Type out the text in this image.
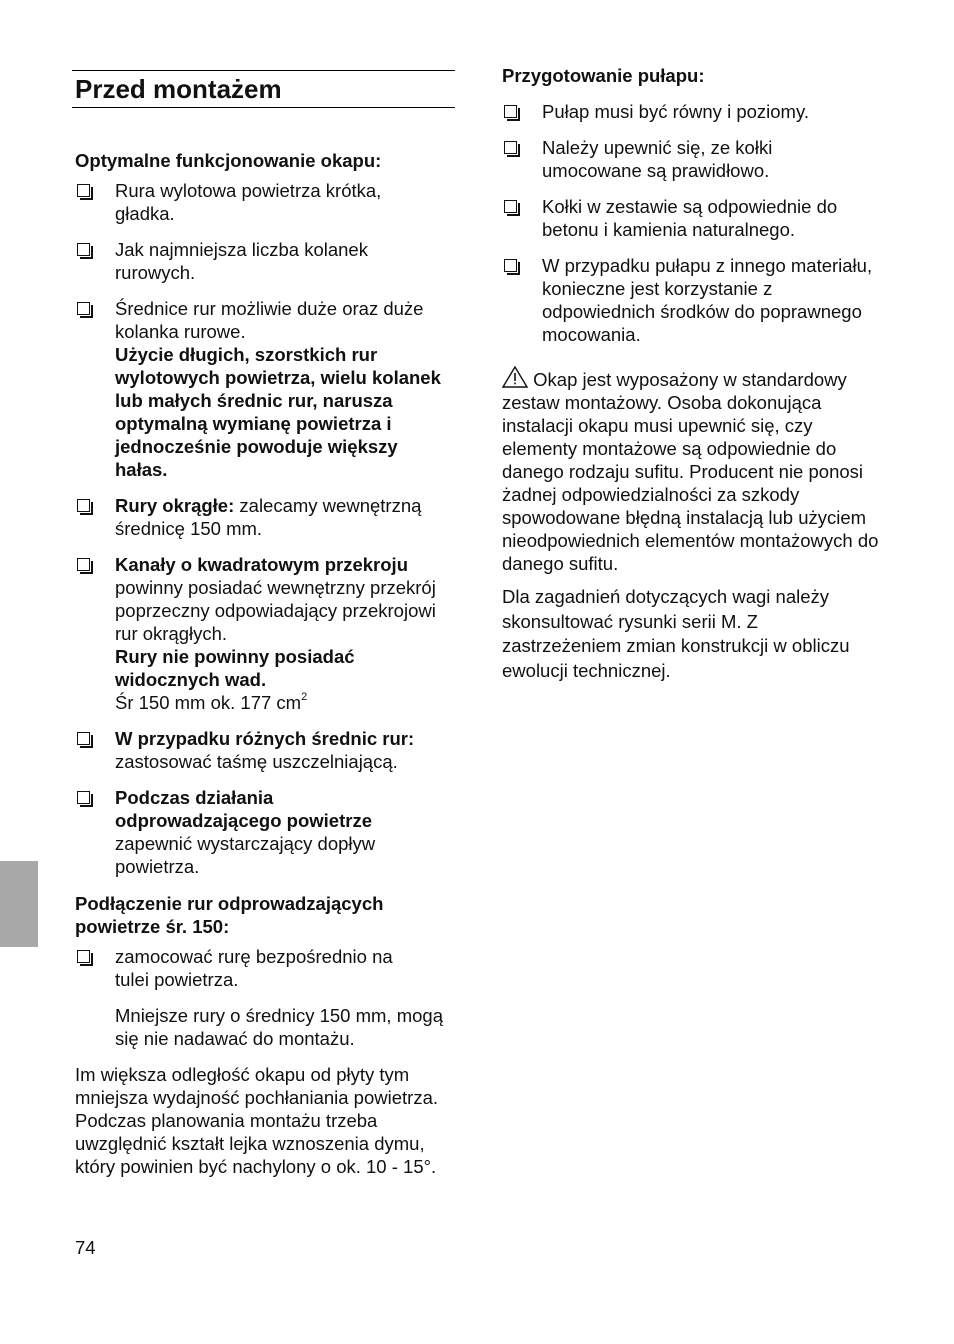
Przed montażem

Optymalne funkcjonowanie okapu:

Rura wylotowa powietrza krótka, gładka.

Jak najmniejsza liczba kolanek rurowych.

Średnice rur możliwie duże oraz duże kolanka rurowe.

Użycie długich, szorstkich rur wylotowych powietrza, wielu kolanek lub małych średnic rur, narusza optymalną wymianę powietrza i jednocześnie powoduje większy hałas.

Rury okrągłe: zalecamy wewnętrzną średnicę 150 mm.

Kanały o kwadratowym przekroju

powinny posiadać wewnętrzny przekrój poprzeczny odpowiadający przekrojowi rur okrągłych.

Rury nie powinny posiadać widocznych wad.

Śr 150 mm ok. 177 $cm^2$

W przypadku różnych średnic rur:

zastosować taśmę uszczelniającą.

Podczas działania odprowadzającego powietrze

zapewnić wystarczający dopływ powietrza.

Podłączenie rur odprowadzających powietrze śr. 150:

zamocować rurę bezpośrednio na tulei powietrza.

Mniejsze rury o średnicy 150 mm, mogą się nie nadawać do montażu.

Im większa odległość okapu od płyty tym mniejsza wydajność pochłaniania powietrza. Podczas planowania montażu trzeba uwzględnić kształt lejka wznoszenia dymu, który powinien być nachylony o ok. 10 - 15°.

Przygotowanie pułapu:

Pułap musi być równy i poziomy.

Należy upewnić się, ze kołki umocowane są prawidłowo.

Kołki w zestawie są odpowiednie do betonu i kamienia naturalnego.

W przypadku pułapu z innego materiału, konieczne jest korzystanie z odpowiednich środków do poprawnego mocowania.

Okap jest wyposażony w standardowy zestaw montażowy. Osoba dokonująca instalacji okapu musi upewnić się, czy elementy montażowe są odpowiednie do danego rodzaju sufitu. Producent nie ponosi żadnej odpowiedzialności za szkody spowodowane błędną instalacją lub użyciem nieodpowiednich elementów montażowych do danego sufitu.

Dla zagadnień dotyczących wagi należy skonsultować rysunki serii M. Z zastrzeżeniem zmian konstrukcji w obliczu ewolucji technicznej.

74
